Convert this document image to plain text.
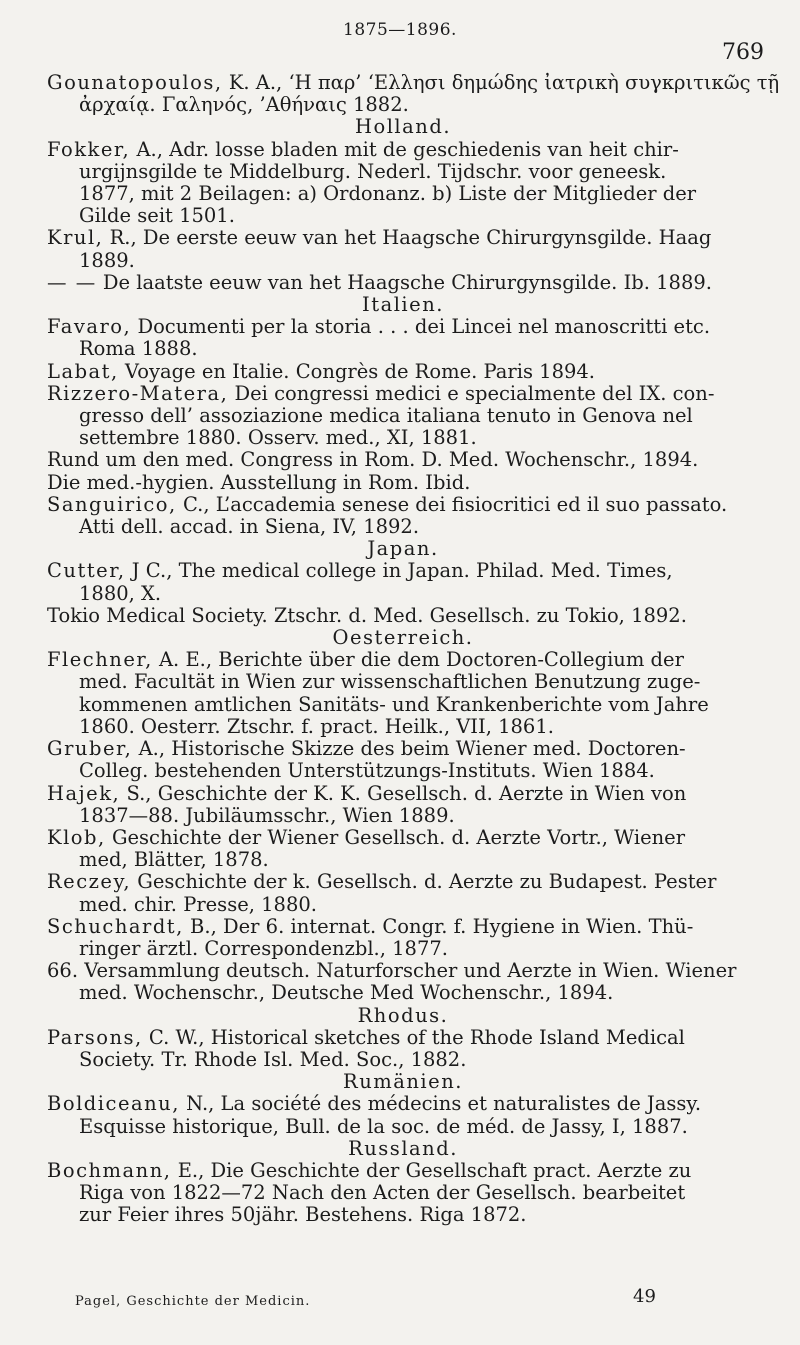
1875—1896.
769
Gounatopoulos, K. A., ‘Η παρ’ ‘Ελλησι δημώδης ἰατρικὴ συγκριτικῶς τῇ
ἀρχαίᾳ. Γαληνός, ’Αθήναις 1882.
Holland.
Fokker, A., Adr. losse bladen mit de geschiedenis van heit chir-
urgijnsgilde te Middelburg. Nederl. Tijdschr. voor geneesk.
1877, mit 2 Beilagen: a) Ordonanz. b) Liste der Mitglieder der
Gilde seit 1501.
Krul, R., De eerste eeuw van het Haagsche Chirurgynsgilde. Haag
1889.
— — De laatste eeuw van het Haagsche Chirurgynsgilde. Ib. 1889.
Italien.
Favaro, Documenti per la storia . . . dei Lincei nel manoscritti etc.
Roma 1888.
Labat, Voyage en Italie. Congrès de Rome. Paris 1894.
Rizzero-Matera, Dei congressi medici e specialmente del IX. con-
gresso dell’ assoziazione medica italiana tenuto in Genova nel
settembre 1880. Osserv. med., XI, 1881.
Rund um den med. Congress in Rom. D. Med. Wochenschr., 1894.
Die med.-hygien. Ausstellung in Rom. Ibid.
Sanguirico, C., L’accademia senese dei fisiocritici ed il suo passato.
Atti dell. accad. in Siena, IV, 1892.
Japan.
Cutter, J C., The medical college in Japan. Philad. Med. Times,
1880, X.
Tokio Medical Society. Ztschr. d. Med. Gesellsch. zu Tokio, 1892.
Oesterreich.
Flechner, A. E., Berichte über die dem Doctoren-Collegium der
med. Facultät in Wien zur wissenschaftlichen Benutzung zuge-
kommenen amtlichen Sanitäts- und Krankenberichte vom Jahre
1860. Oesterr. Ztschr. f. pract. Heilk., VII, 1861.
Gruber, A., Historische Skizze des beim Wiener med. Doctoren-
Colleg. bestehenden Unterstützungs-Instituts. Wien 1884.
Hajek, S., Geschichte der K. K. Gesellsch. d. Aerzte in Wien von
1837—88. Jubiläumsschr., Wien 1889.
Klob, Geschichte der Wiener Gesellsch. d. Aerzte Vortr., Wiener
med, Blätter, 1878.
Reczey, Geschichte der k. Gesellsch. d. Aerzte zu Budapest. Pester
med. chir. Presse, 1880.
Schuchardt, B., Der 6. internat. Congr. f. Hygiene in Wien. Thü-
ringer ärztl. Correspondenzbl., 1877.
66. Versammlung deutsch. Naturforscher und Aerzte in Wien. Wiener
med. Wochenschr., Deutsche Med Wochenschr., 1894.
Rhodus.
Parsons, C. W., Historical sketches of the Rhode Island Medical
Society. Tr. Rhode Isl. Med. Soc., 1882.
Rumänien.
Boldiceanu, N., La société des médecins et naturalistes de Jassy.
Esquisse historique, Bull. de la soc. de méd. de Jassy, I, 1887.
Russland.
Bochmann, E., Die Geschichte der Gesellschaft pract. Aerzte zu
Riga von 1822—72 Nach den Acten der Gesellsch. bearbeitet
zur Feier ihres 50jähr. Bestehens. Riga 1872.
Pagel, Geschichte der Medicin.	49
